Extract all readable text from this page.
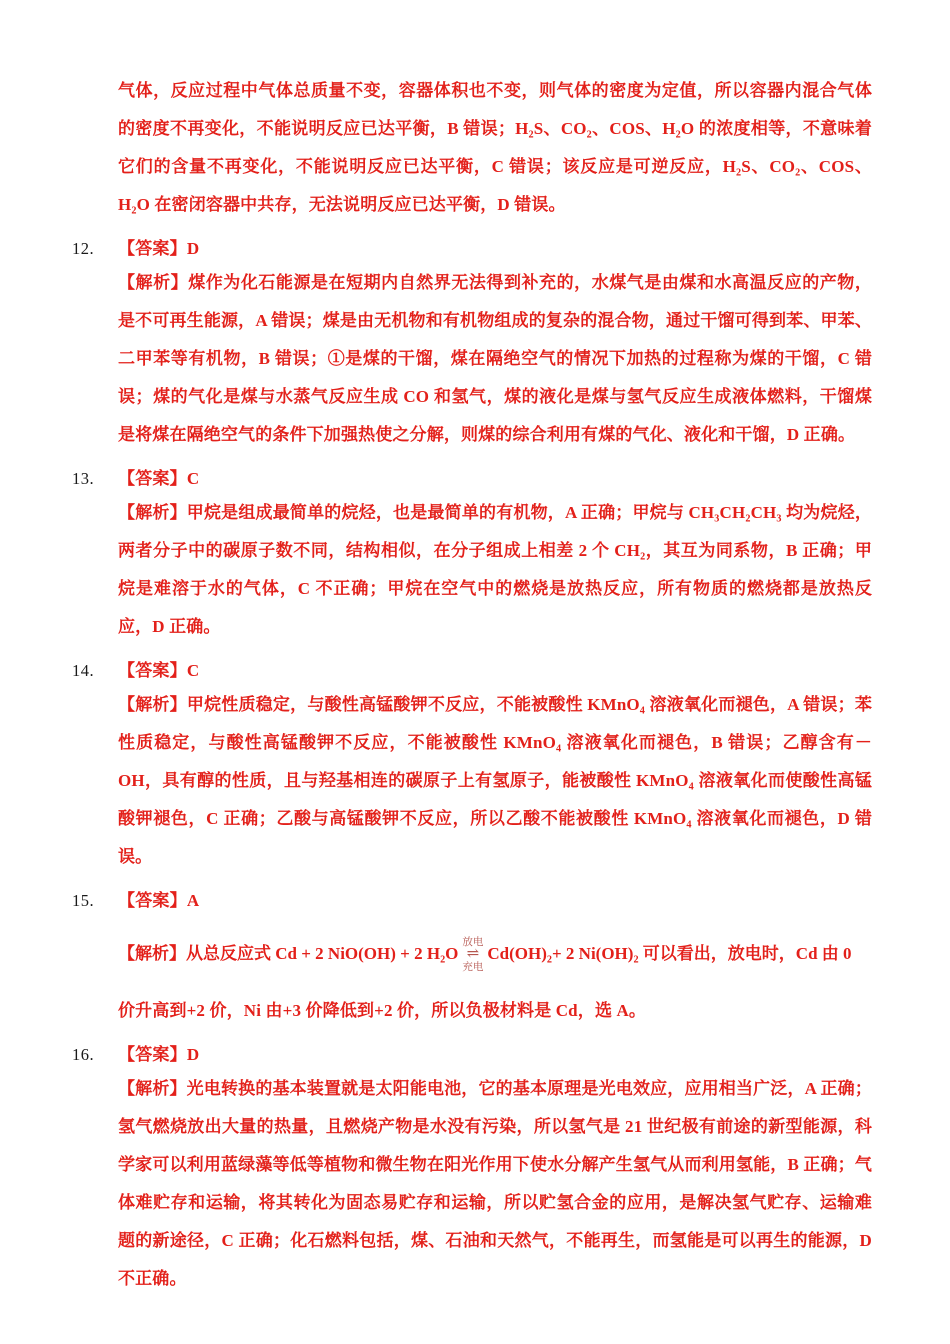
气体，反应过程中气体总质量不变，容器体积也不变，则气体的密度为定值，所以容器内混合气体的密度不再变化，不能说明反应已达平衡，B 错误；H₂S、CO₂、COS、H₂O 的浓度相等，不意味着它们的含量不再变化，不能说明反应已达平衡，C 错误；该反应是可逆反应，H₂S、CO₂、COS、H₂O 在密闭容器中共存，无法说明反应已达平衡，D 错误。
12.	【答案】D
【解析】煤作为化石能源是在短期内自然界无法得到补充的，水煤气是由煤和水高温反应的产物，是不可再生能源，A 错误；煤是由无机物和有机物组成的复杂的混合物，通过干馏可得到苯、甲苯、二甲苯等有机物，B 错误；①是煤的干馏，煤在隔绝空气的情况下加热的过程称为煤的干馏，C 错误；煤的气化是煤与水蒸气反应生成 CO 和氢气，煤的液化是煤与氢气反应生成液体燃料，干馏煤是将煤在隔绝空气的条件下加强热使之分解，则煤的综合利用有煤的气化、液化和干馏，D 正确。
13.	【答案】C
【解析】甲烷是组成最简单的烷烃，也是最简单的有机物，A 正确；甲烷与 CH₃CH₂CH₃ 均为烷烃，两者分子中的碳原子数不同，结构相似，在分子组成上相差 2 个 CH₂，其互为同系物，B 正确；甲烷是难溶于水的气体，C 不正确；甲烷在空气中的燃烧是放热反应，所有物质的燃烧都是放热反应，D 正确。
14.	【答案】C
【解析】甲烷性质稳定，与酸性高锰酸钾不反应，不能被酸性 KMnO₄ 溶液氧化而褪色，A 错误；苯性质稳定，与酸性高锰酸钾不反应，不能被酸性 KMnO₄ 溶液氧化而褪色，B 错误；乙醇含有－OH，具有醇的性质，且与羟基相连的碳原子上有氢原子，能被酸性 KMnO₄ 溶液氧化而使酸性高锰酸钾褪色，C 正确；乙酸与高锰酸钾不反应，所以乙酸不能被酸性 KMnO₄ 溶液氧化而褪色，D 错误。
15.	【答案】A
【解析】从总反应式 Cd + 2 NiO(OH) + 2 H₂O
放电
⇌
充电
Cd(OH)₂+ 2 Ni(OH)₂ 可以看出，放电时，Cd 由 0
价升高到+2 价，Ni 由+3 价降低到+2 价，所以负极材料是 Cd，选 A。
16.	【答案】D
【解析】光电转换的基本装置就是太阳能电池，它的基本原理是光电效应，应用相当广泛，A 正确；氢气燃烧放出大量的热量，且燃烧产物是水没有污染，所以氢气是 21 世纪极有前途的新型能源，科学家可以利用蓝绿藻等低等植物和微生物在阳光作用下使水分解产生氢气从而利用氢能，B 正确；气体难贮存和运输，将其转化为固态易贮存和运输，所以贮氢合金的应用，是解决氢气贮存、运输难题的新途径，C 正确；化石燃料包括，煤、石油和天然气，不能再生，而氢能是可以再生的能源，D 不正确。
